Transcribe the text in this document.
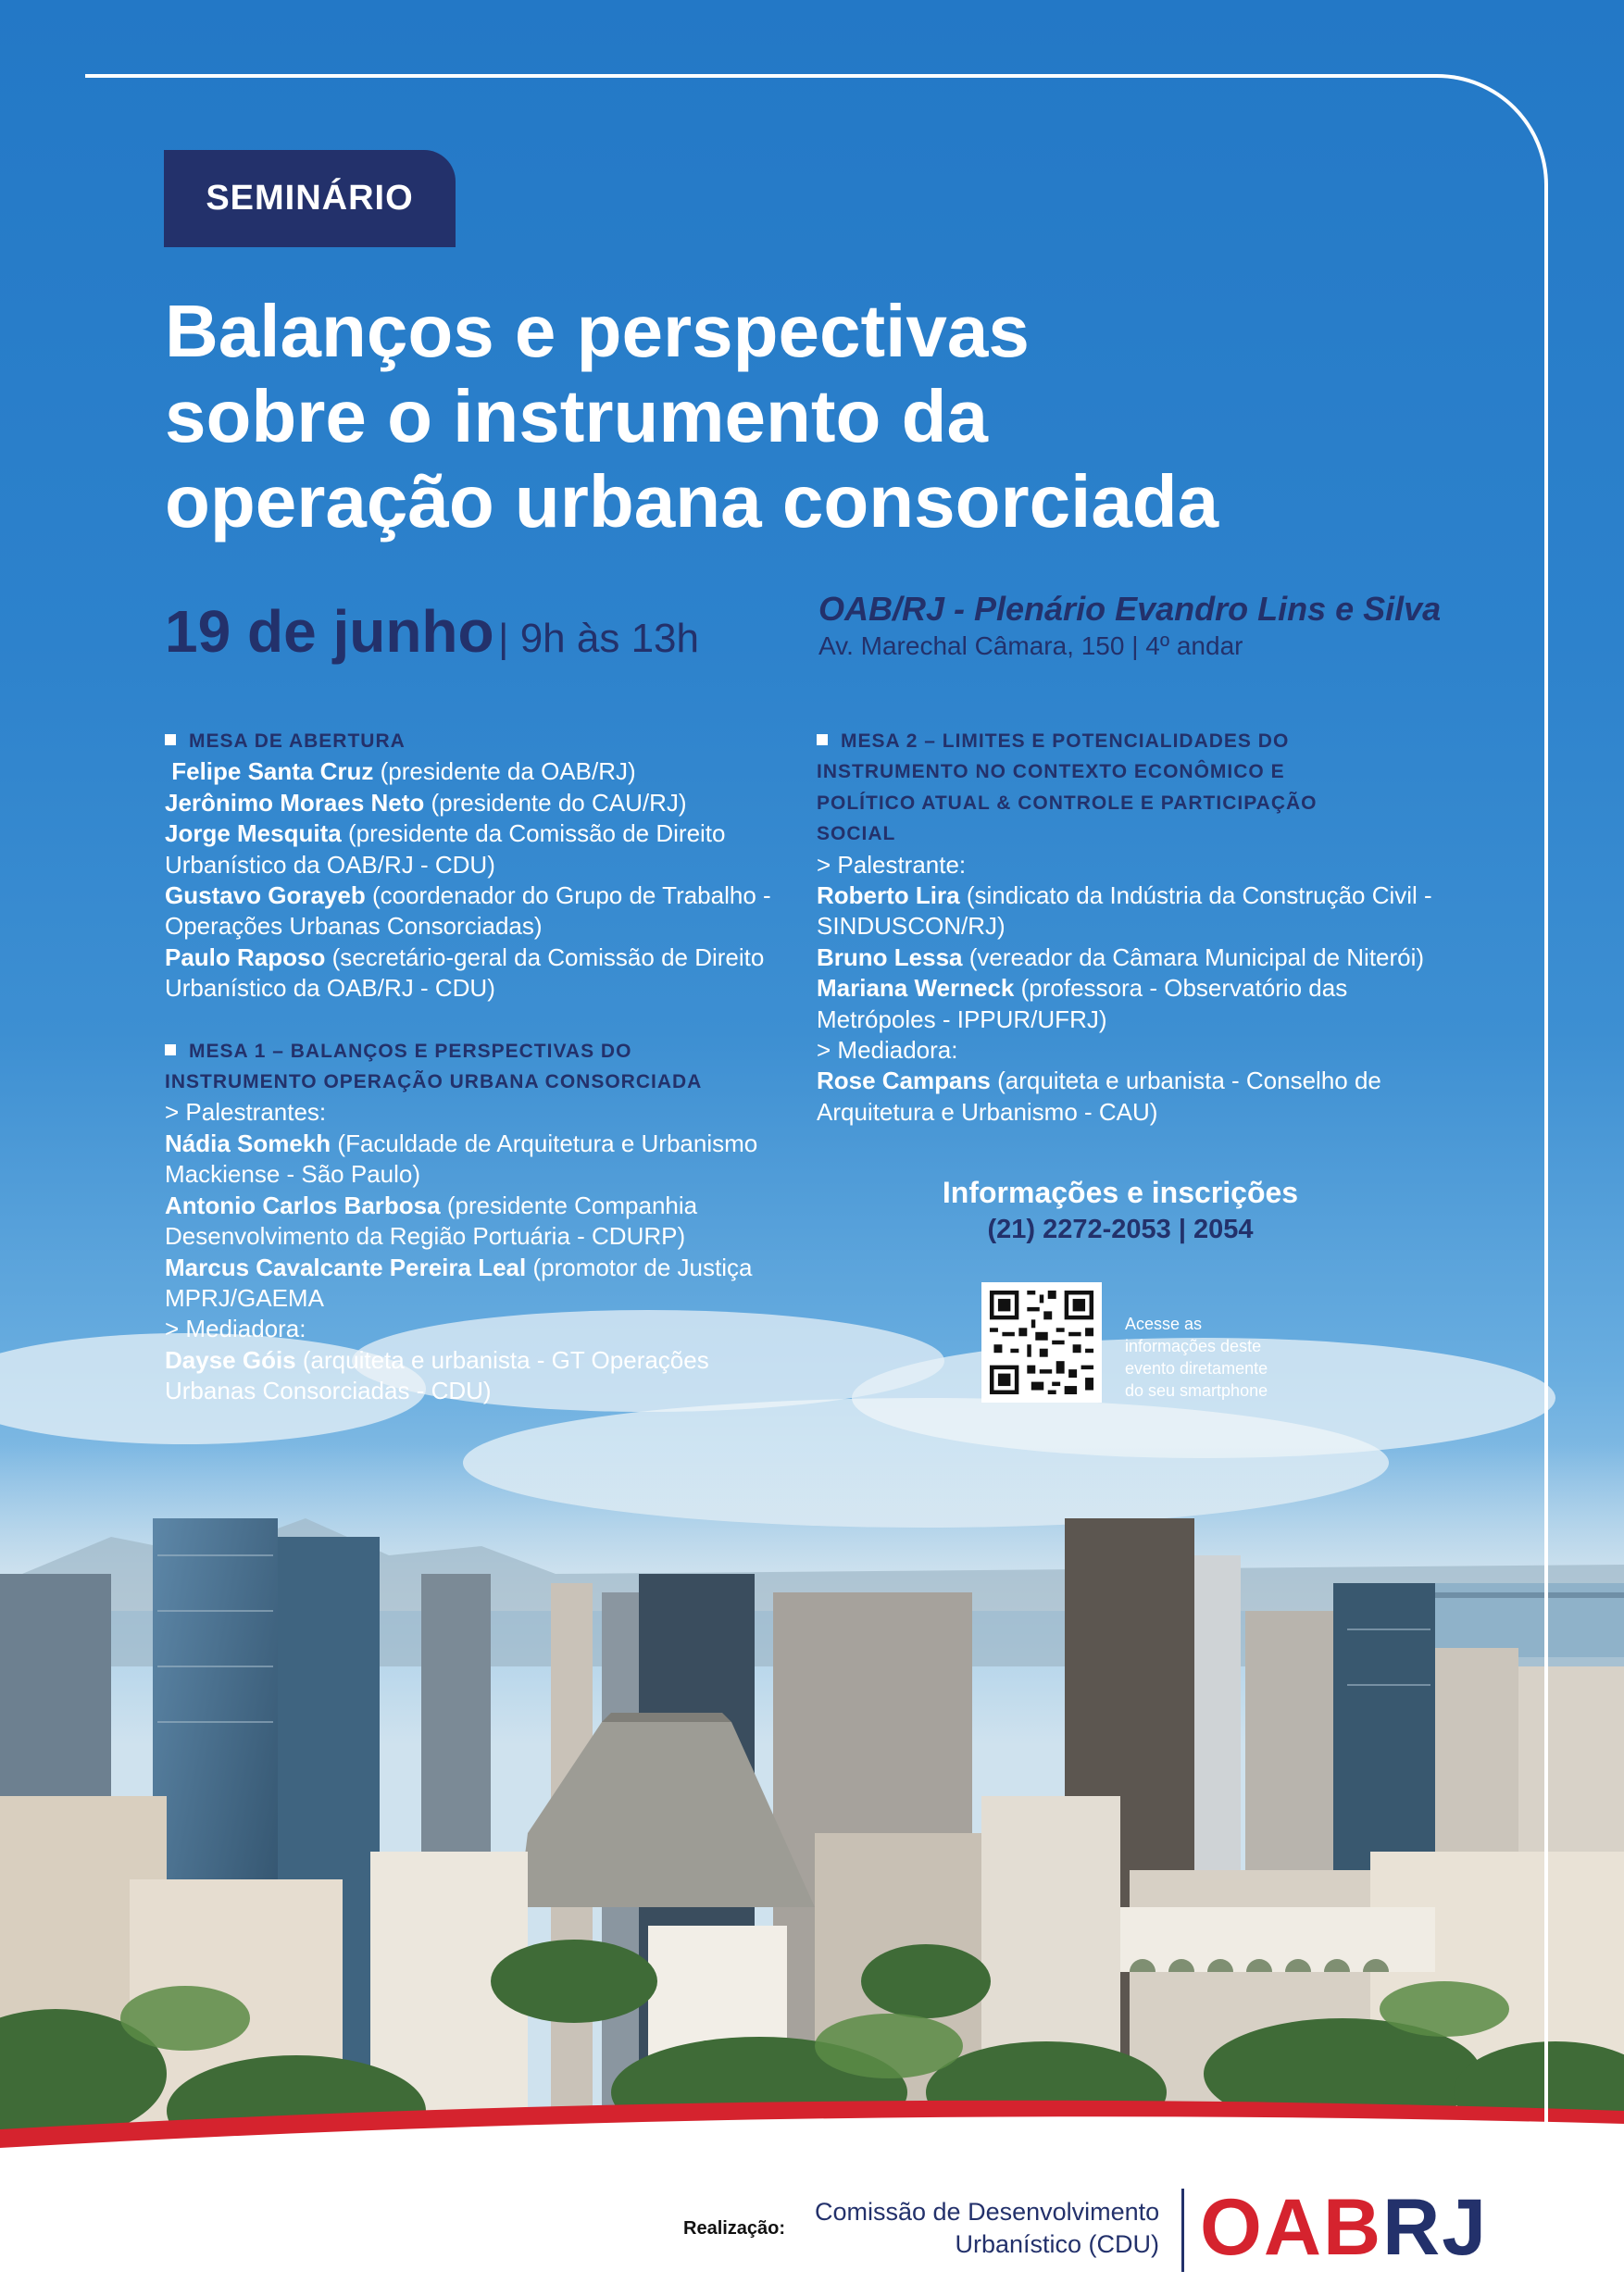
SEMINÁRIO
Balanços e perspectivas
sobre o instrumento da
operação urbana consorciada
19 de junho | 9h às 13h
OAB/RJ - Plenário Evandro Lins e Silva
Av. Marechal Câmara, 150 | 4º andar
MESA DE ABERTURA
Felipe Santa Cruz (presidente da OAB/RJ)
Jerônimo Moraes Neto (presidente do CAU/RJ)
Jorge Mesquita (presidente da Comissão de Direito Urbanístico da OAB/RJ - CDU)
Gustavo Gorayeb (coordenador do Grupo de Trabalho - Operações Urbanas Consorciadas)
Paulo Raposo (secretário-geral da Comissão de Direito Urbanístico da OAB/RJ - CDU)
MESA 1 – BALANÇOS E PERSPECTIVAS DO
INSTRUMENTO OPERAÇÃO URBANA CONSORCIADA
> Palestrantes:
Nádia Somekh (Faculdade de Arquitetura e Urbanismo Mackiense - São Paulo)
Antonio Carlos Barbosa (presidente Companhia Desenvolvimento da Região Portuária - CDURP)
Marcus Cavalcante Pereira Leal (promotor de Justiça MPRJ/GAEMA
> Mediadora:
Dayse Góis (arquiteta e urbanista - GT Operações Urbanas Consorciadas - CDU)
MESA 2 – LIMITES E POTENCIALIDADES DO
INSTRUMENTO NO CONTEXTO ECONÔMICO E
POLÍTICO ATUAL & CONTROLE E PARTICIPAÇÃO
SOCIAL
> Palestrante:
Roberto Lira (sindicato da Indústria da Construção Civil - SINDUSCON/RJ)
Bruno Lessa (vereador da Câmara Municipal de Niterói)
Mariana Werneck (professora - Observatório das Metrópoles - IPPUR/UFRJ)
> Mediadora:
Rose Campans (arquiteta e urbanista - Conselho de Arquitetura e Urbanismo - CAU)
Informações e inscrições
(21) 2272-2053 | 2054
Acesse as
informações deste
evento diretamente
do seu smartphone
Realização:
Comissão de Desenvolvimento
Urbanístico (CDU) OABRJ
